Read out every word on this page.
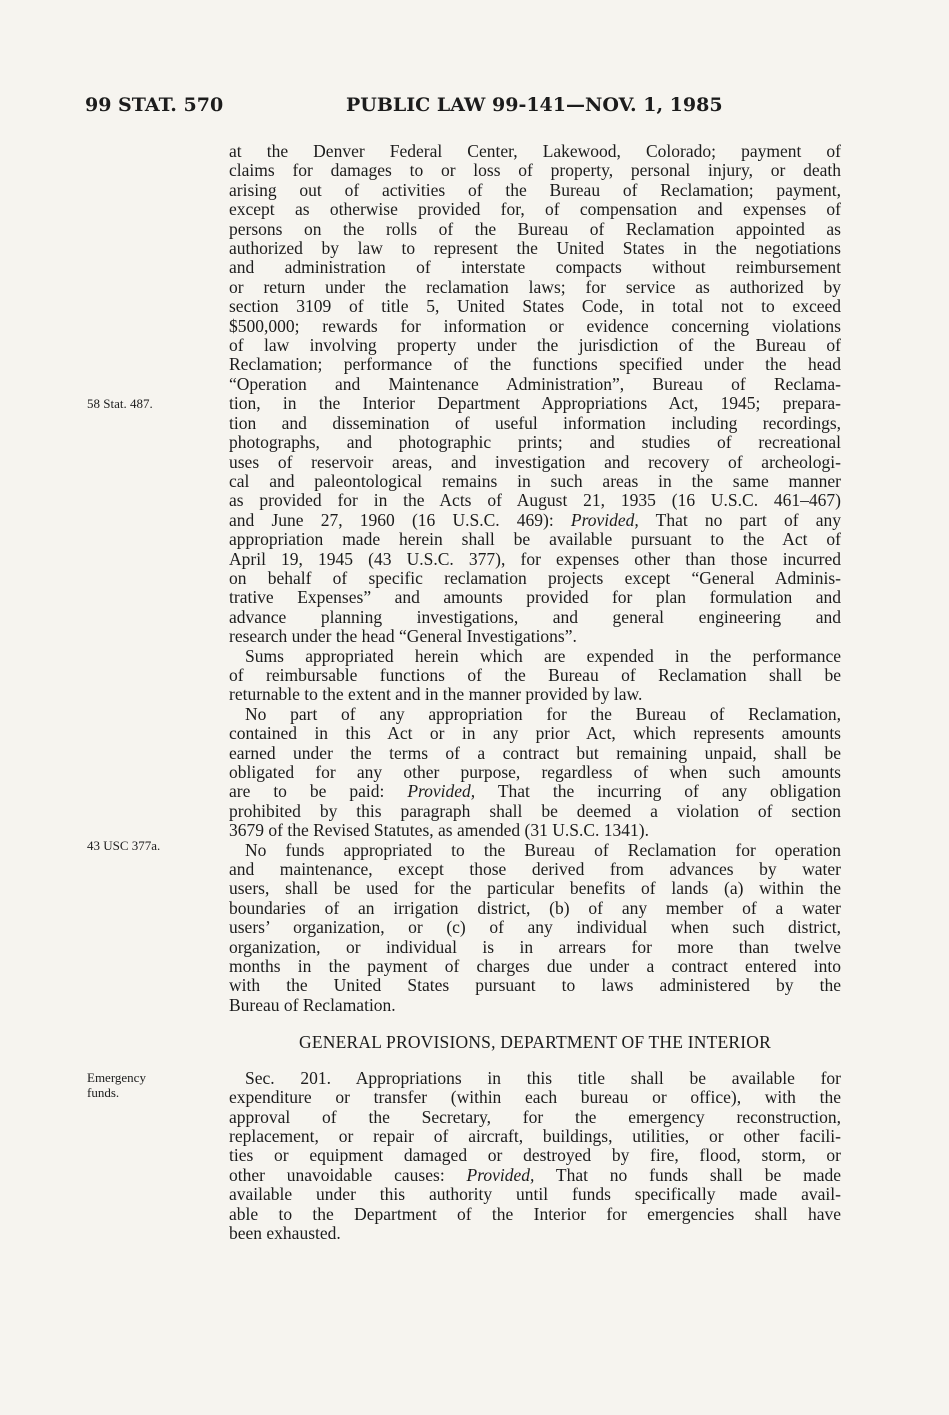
99 STAT. 570	PUBLIC LAW 99-141—NOV. 1, 1985
58 Stat. 487.
43 USC 377a.
Emergency
funds.
at the Denver Federal Center, Lakewood, Colorado; payment of
claims for damages to or loss of property, personal injury, or death
arising out of activities of the Bureau of Reclamation; payment,
except as otherwise provided for, of compensation and expenses of
persons on the rolls of the Bureau of Reclamation appointed as
authorized by law to represent the United States in the negotiations
and administration of interstate compacts without reimbursement
or return under the reclamation laws; for service as authorized by
section 3109 of title 5, United States Code, in total not to exceed
$500,000; rewards for information or evidence concerning violations
of law involving property under the jurisdiction of the Bureau of
Reclamation; performance of the functions specified under the head
“Operation and Maintenance Administration”, Bureau of Reclama-
tion, in the Interior Department Appropriations Act, 1945; prepara-
tion and dissemination of useful information including recordings,
photographs, and photographic prints; and studies of recreational
uses of reservoir areas, and investigation and recovery of archeologi-
cal and paleontological remains in such areas in the same manner
as provided for in the Acts of August 21, 1935 (16 U.S.C. 461–467)
and June 27, 1960 (16 U.S.C. 469): Provided, That no part of any
appropriation made herein shall be available pursuant to the Act of
April 19, 1945 (43 U.S.C. 377), for expenses other than those incurred
on behalf of specific reclamation projects except “General Adminis-
trative Expenses” and amounts provided for plan formulation and
advance planning investigations, and general engineering and
research under the head “General Investigations”.
Sums appropriated herein which are expended in the performance
of reimbursable functions of the Bureau of Reclamation shall be
returnable to the extent and in the manner provided by law.
No part of any appropriation for the Bureau of Reclamation,
contained in this Act or in any prior Act, which represents amounts
earned under the terms of a contract but remaining unpaid, shall be
obligated for any other purpose, regardless of when such amounts
are to be paid: Provided, That the incurring of any obligation
prohibited by this paragraph shall be deemed a violation of section
3679 of the Revised Statutes, as amended (31 U.S.C. 1341).
No funds appropriated to the Bureau of Reclamation for operation
and maintenance, except those derived from advances by water
users, shall be used for the particular benefits of lands (a) within the
boundaries of an irrigation district, (b) of any member of a water
users’ organization, or (c) of any individual when such district,
organization, or individual is in arrears for more than twelve
months in the payment of charges due under a contract entered into
with the United States pursuant to laws administered by the
Bureau of Reclamation.
GENERAL PROVISIONS, DEPARTMENT OF THE INTERIOR
Sec. 201. Appropriations in this title shall be available for
expenditure or transfer (within each bureau or office), with the
approval of the Secretary, for the emergency reconstruction,
replacement, or repair of aircraft, buildings, utilities, or other facili-
ties or equipment damaged or destroyed by fire, flood, storm, or
other unavoidable causes: Provided, That no funds shall be made
available under this authority until funds specifically made avail-
able to the Department of the Interior for emergencies shall have
been exhausted.
